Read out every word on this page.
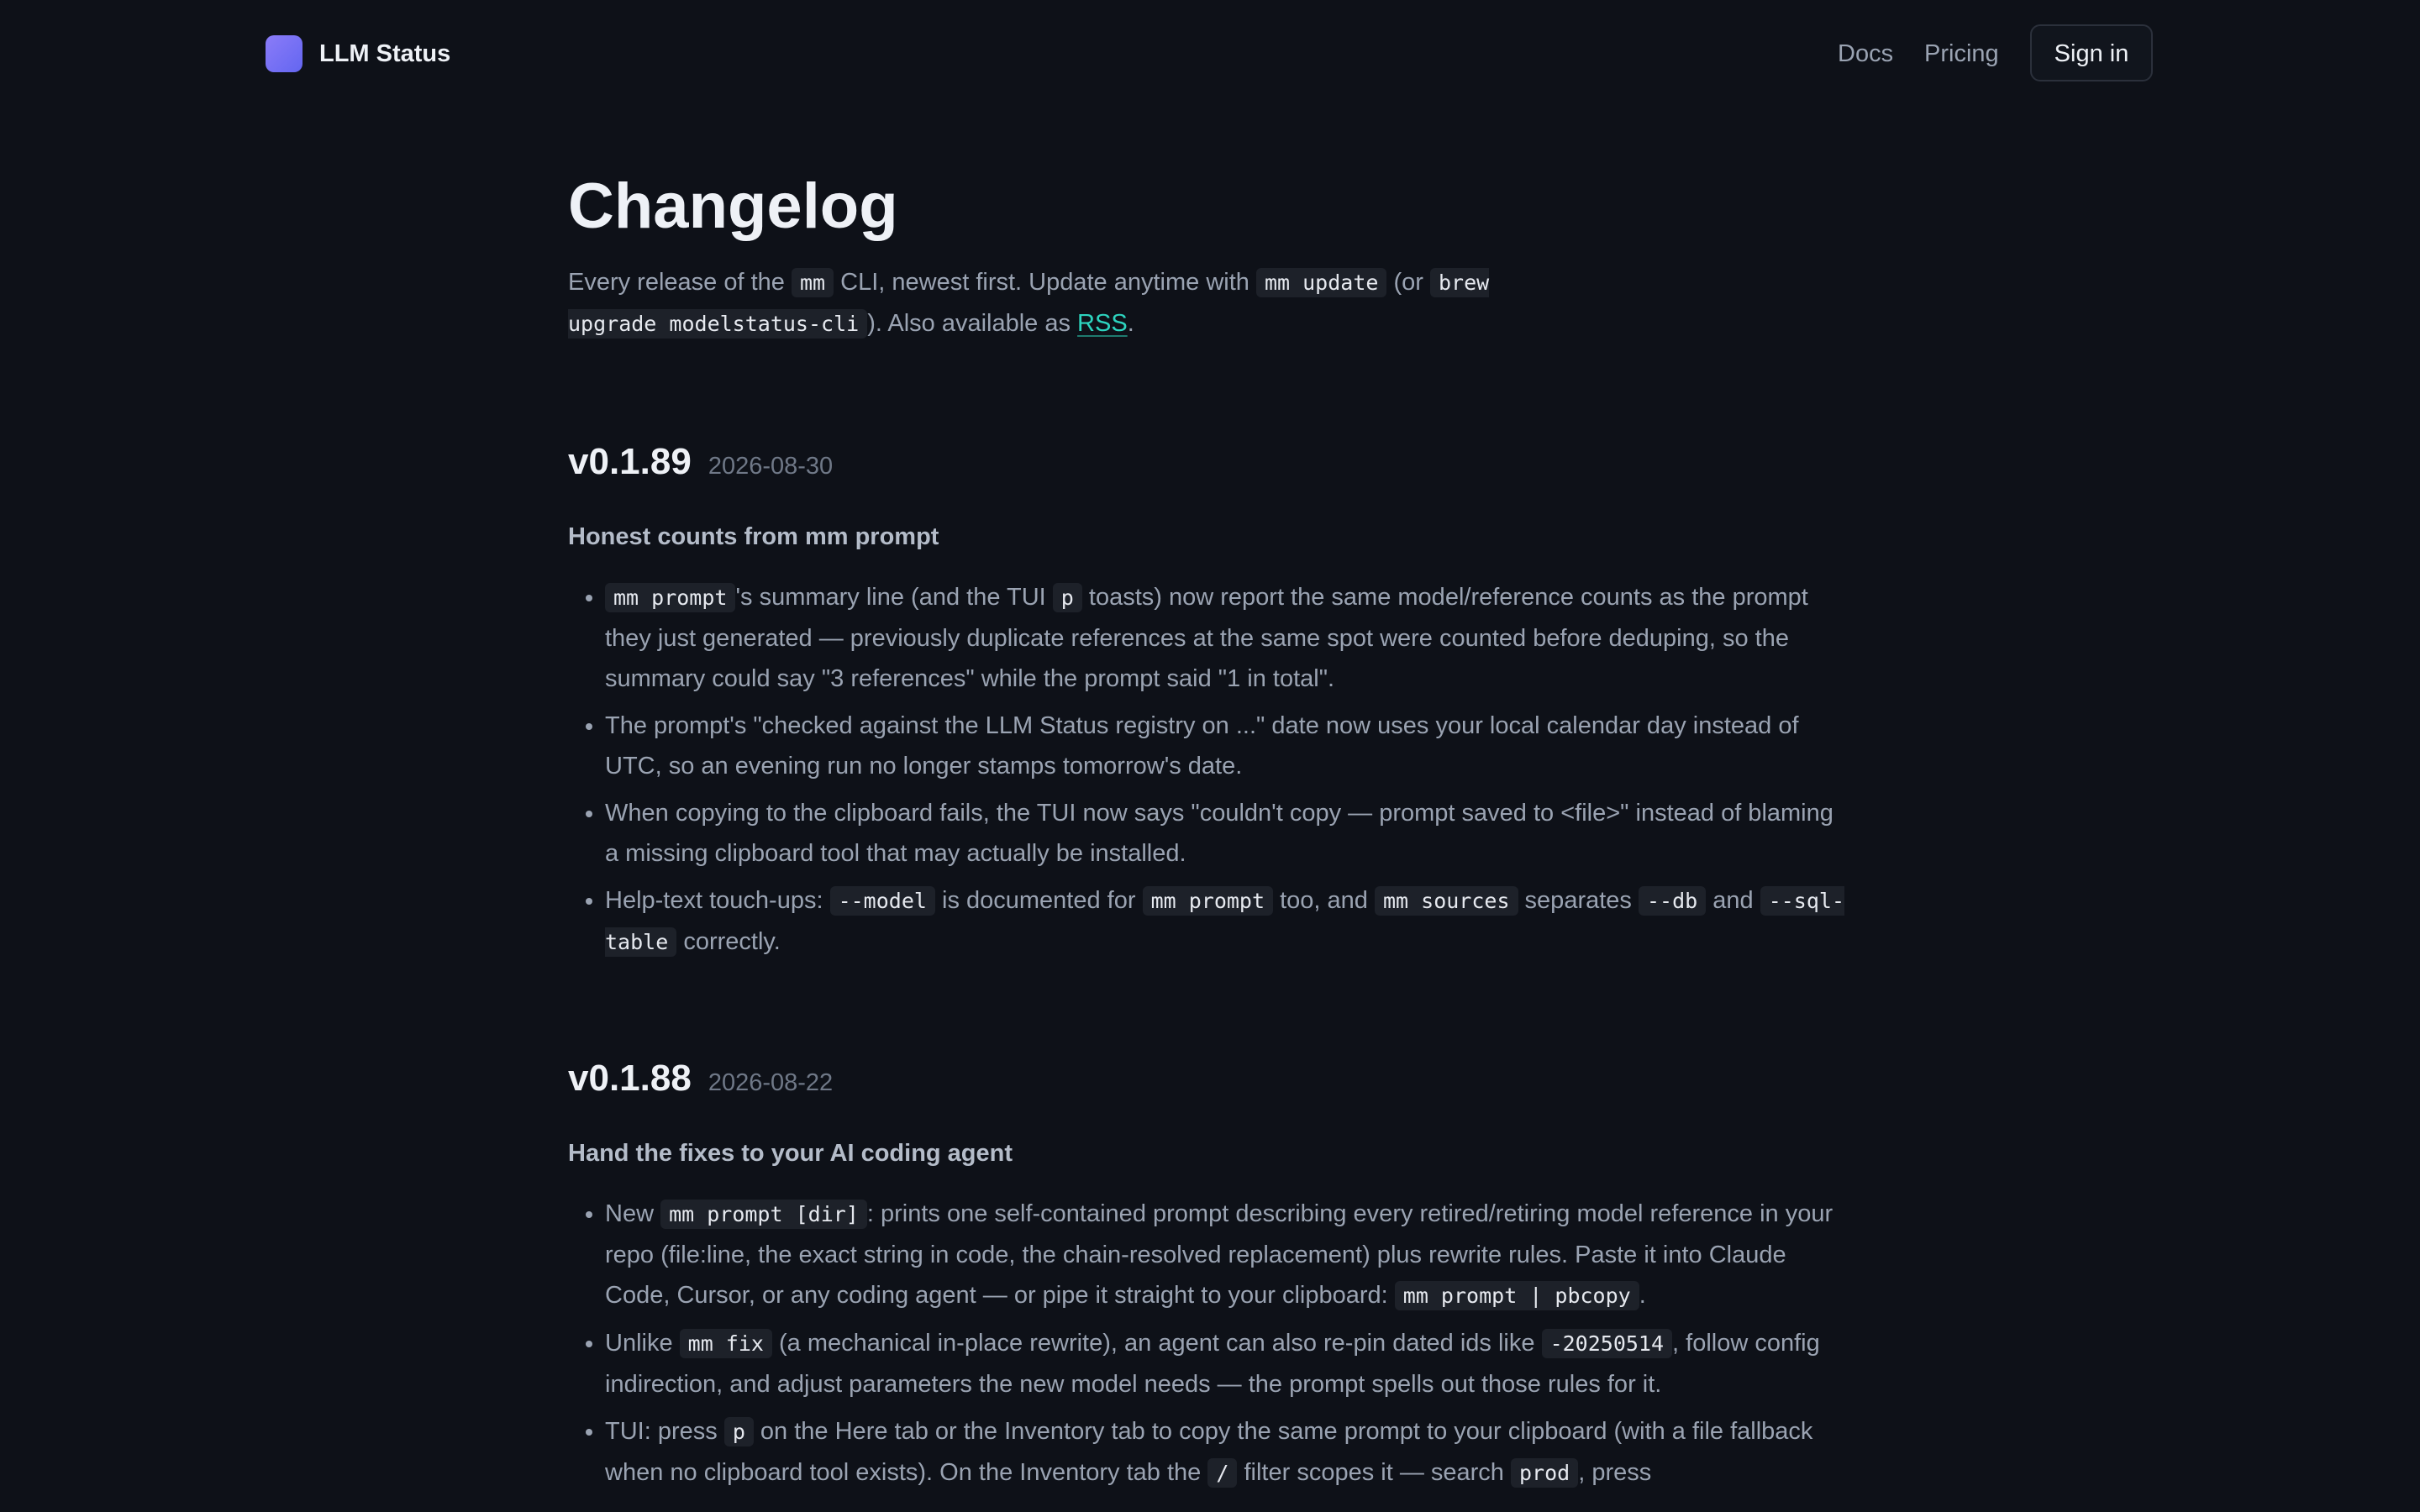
LLM Status	Docs Pricing	Sign in
Changelog

Every release of the mm CLI, newest first. Update anytime with mm update (or brew upgrade modelstatus-cli ). Also available as RSS.

v0.1.89 2026-08-30
Honest counts from mm prompt
• mm prompt 's summary line (and the TUI p toasts) now report the same model/reference counts as the prompt they just generated — previously duplicate references at the same spot were counted before deduping, so the summary could say "3 references" while the prompt said "1 in total".
• The prompt's "checked against the LLM Status registry on ..." date now uses your local calendar day instead of UTC, so an evening run no longer stamps tomorrow's date.
• When copying to the clipboard fails, the TUI now says "couldn't copy — prompt saved to <file>" instead of blaming a missing clipboard tool that may actually be installed.
• Help-text touch-ups: --model is documented for mm prompt too, and mm sources separates --db and --sql-table correctly.
v0.1.88 2026-08-22
Hand the fixes to your AI coding agent
• New mm prompt [dir] : prints one self-contained prompt describing every retired/retiring model reference in your repo (file:line, the exact string in code, the chain-resolved replacement) plus rewrite rules. Paste it into Claude Code, Cursor, or any coding agent — or pipe it straight to your clipboard: mm prompt | pbcopy .
• Unlike mm fix (a mechanical in-place rewrite), an agent can also re-pin dated ids like -20250514 , follow config indirection, and adjust parameters the new model needs — the prompt spells out those rules for it.
• TUI: press p on the Here tab or the Inventory tab to copy the same prompt to your clipboard (with a file fallback when no clipboard tool exists). On the Inventory tab the / filter scopes it — search prod , press
